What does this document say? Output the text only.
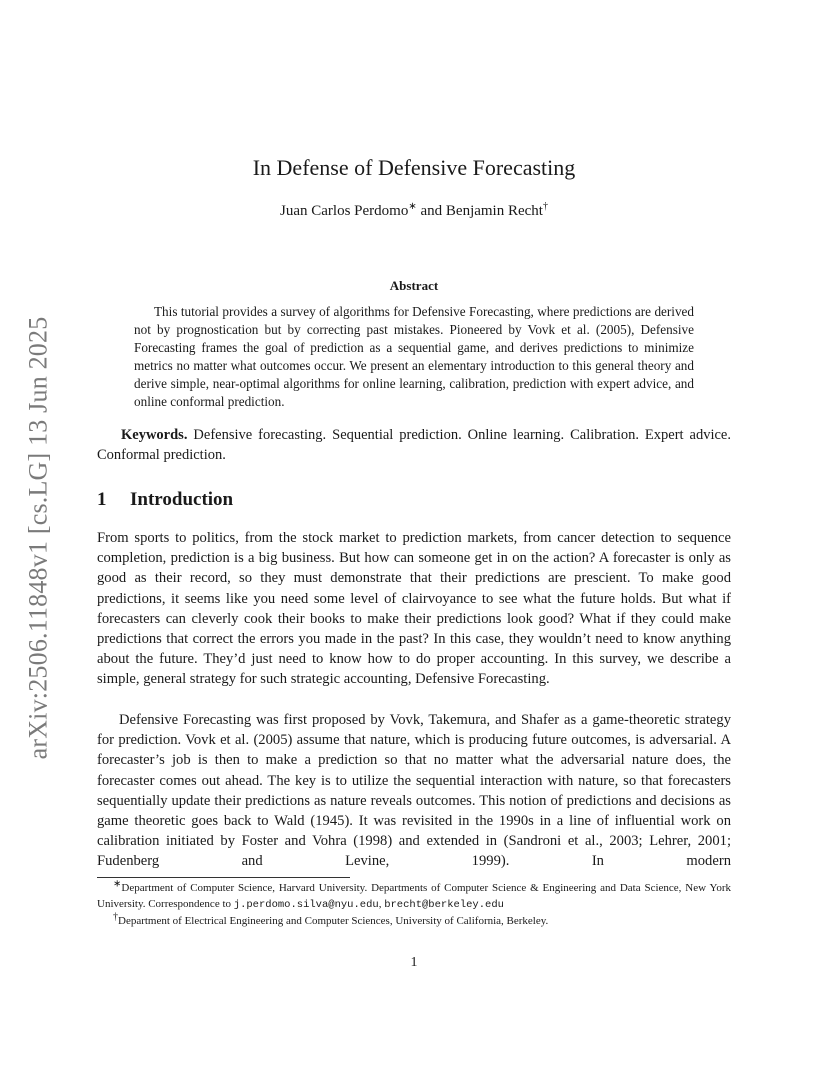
arXiv:2506.11848v1 [cs.LG] 13 Jun 2025
In Defense of Defensive Forecasting
Juan Carlos Perdomo∗ and Benjamin Recht†
Abstract

This tutorial provides a survey of algorithms for Defensive Forecasting, where predictions are derived not by prognostication but by correcting past mistakes. Pioneered by Vovk et al. (2005), Defensive Forecasting frames the goal of prediction as a sequential game, and derives predictions to minimize metrics no matter what outcomes occur. We present an elementary introduction to this general theory and derive simple, near-optimal algorithms for online learning, calibration, prediction with expert advice, and online conformal prediction.

Keywords. Defensive forecasting. Sequential prediction. Online learning. Calibration. Expert advice. Conformal prediction.

1 Introduction

From sports to politics, from the stock market to prediction markets, from cancer detection to sequence completion, prediction is a big business. But how can someone get in on the action? A forecaster is only as good as their record, so they must demonstrate that their predictions are prescient. To make good predictions, it seems like you need some level of clairvoyance to see what the future holds. But what if forecasters can cleverly cook their books to make their predictions look good? What if they could make predictions that correct the errors you made in the past? In this case, they wouldn’t need to know anything about the future. They’d just need to know how to do proper accounting. In this survey, we describe a simple, general strategy for such strategic accounting, Defensive Forecasting.

Defensive Forecasting was first proposed by Vovk, Takemura, and Shafer as a game-theoretic strategy for prediction. Vovk et al. (2005) assume that nature, which is producing future outcomes, is adversarial. A forecaster’s job is then to make a prediction so that no matter what the adversarial nature does, the forecaster comes out ahead. The key is to utilize the sequential interaction with nature, so that forecasters sequentially update their predictions as nature reveals outcomes. This notion of predictions and decisions as game theoretic goes back to Wald (1945). It was revisited in the 1990s in a line of influential work on calibration initiated by Foster and Vohra (1998) and extended in (Sandroni et al., 2003; Lehrer, 2001; Fudenberg and Levine, 1999). In modern

∗Department of Computer Science, Harvard University. Departments of Computer Science & Engineering and Data Science, New York University. Correspondence to j.perdomo.silva@nyu.edu, brecht@berkeley.edu

†Department of Electrical Engineering and Computer Sciences, University of California, Berkeley.

1
